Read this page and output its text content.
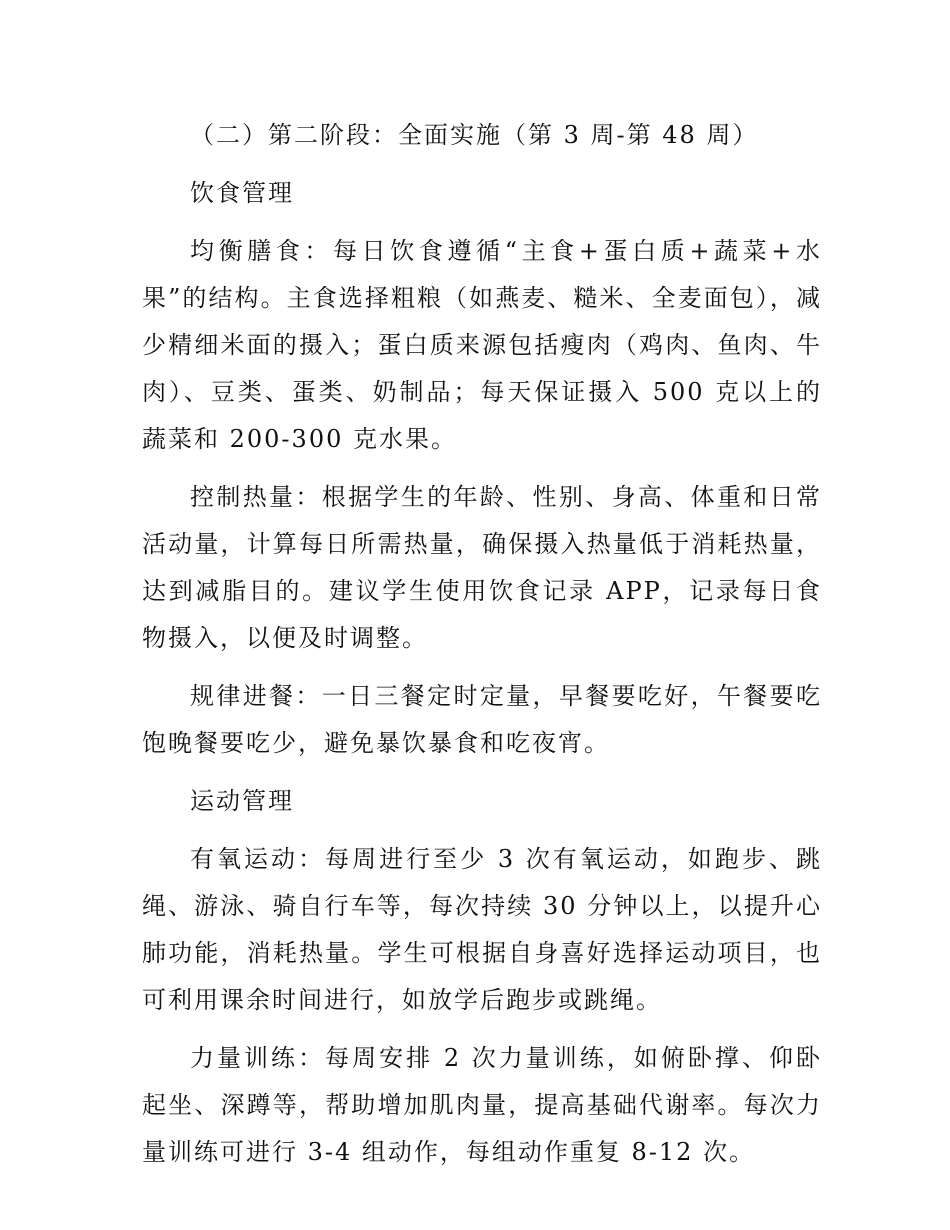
（二）第二阶段：全面实施（第 3 周-第 48 周）

饮食管理

均衡膳食：每日饮食遵循“主食+蛋白质+蔬菜+水果”的结构。主食选择粗粮（如燕麦、糙米、全麦面包），减少精细米面的摄入；蛋白质来源包括瘦肉（鸡肉、鱼肉、牛肉）、豆类、蛋类、奶制品；每天保证摄入 500 克以上的蔬菜和 200-300 克水果。

控制热量：根据学生的年龄、性别、身高、体重和日常活动量，计算每日所需热量，确保摄入热量低于消耗热量，达到减脂目的。建议学生使用饮食记录 APP，记录每日食物摄入，以便及时调整。

规律进餐：一日三餐定时定量，早餐要吃好，午餐要吃饱晚餐要吃少，避免暴饮暴食和吃夜宵。

运动管理

有氧运动：每周进行至少 3 次有氧运动，如跑步、跳绳、游泳、骑自行车等，每次持续 30 分钟以上，以提升心肺功能，消耗热量。学生可根据自身喜好选择运动项目，也可利用课余时间进行，如放学后跑步或跳绳。

力量训练：每周安排 2 次力量训练，如俯卧撑、仰卧起坐、深蹲等，帮助增加肌肉量，提高基础代谢率。每次力量训练可进行 3-4 组动作，每组动作重复 8-12 次。
